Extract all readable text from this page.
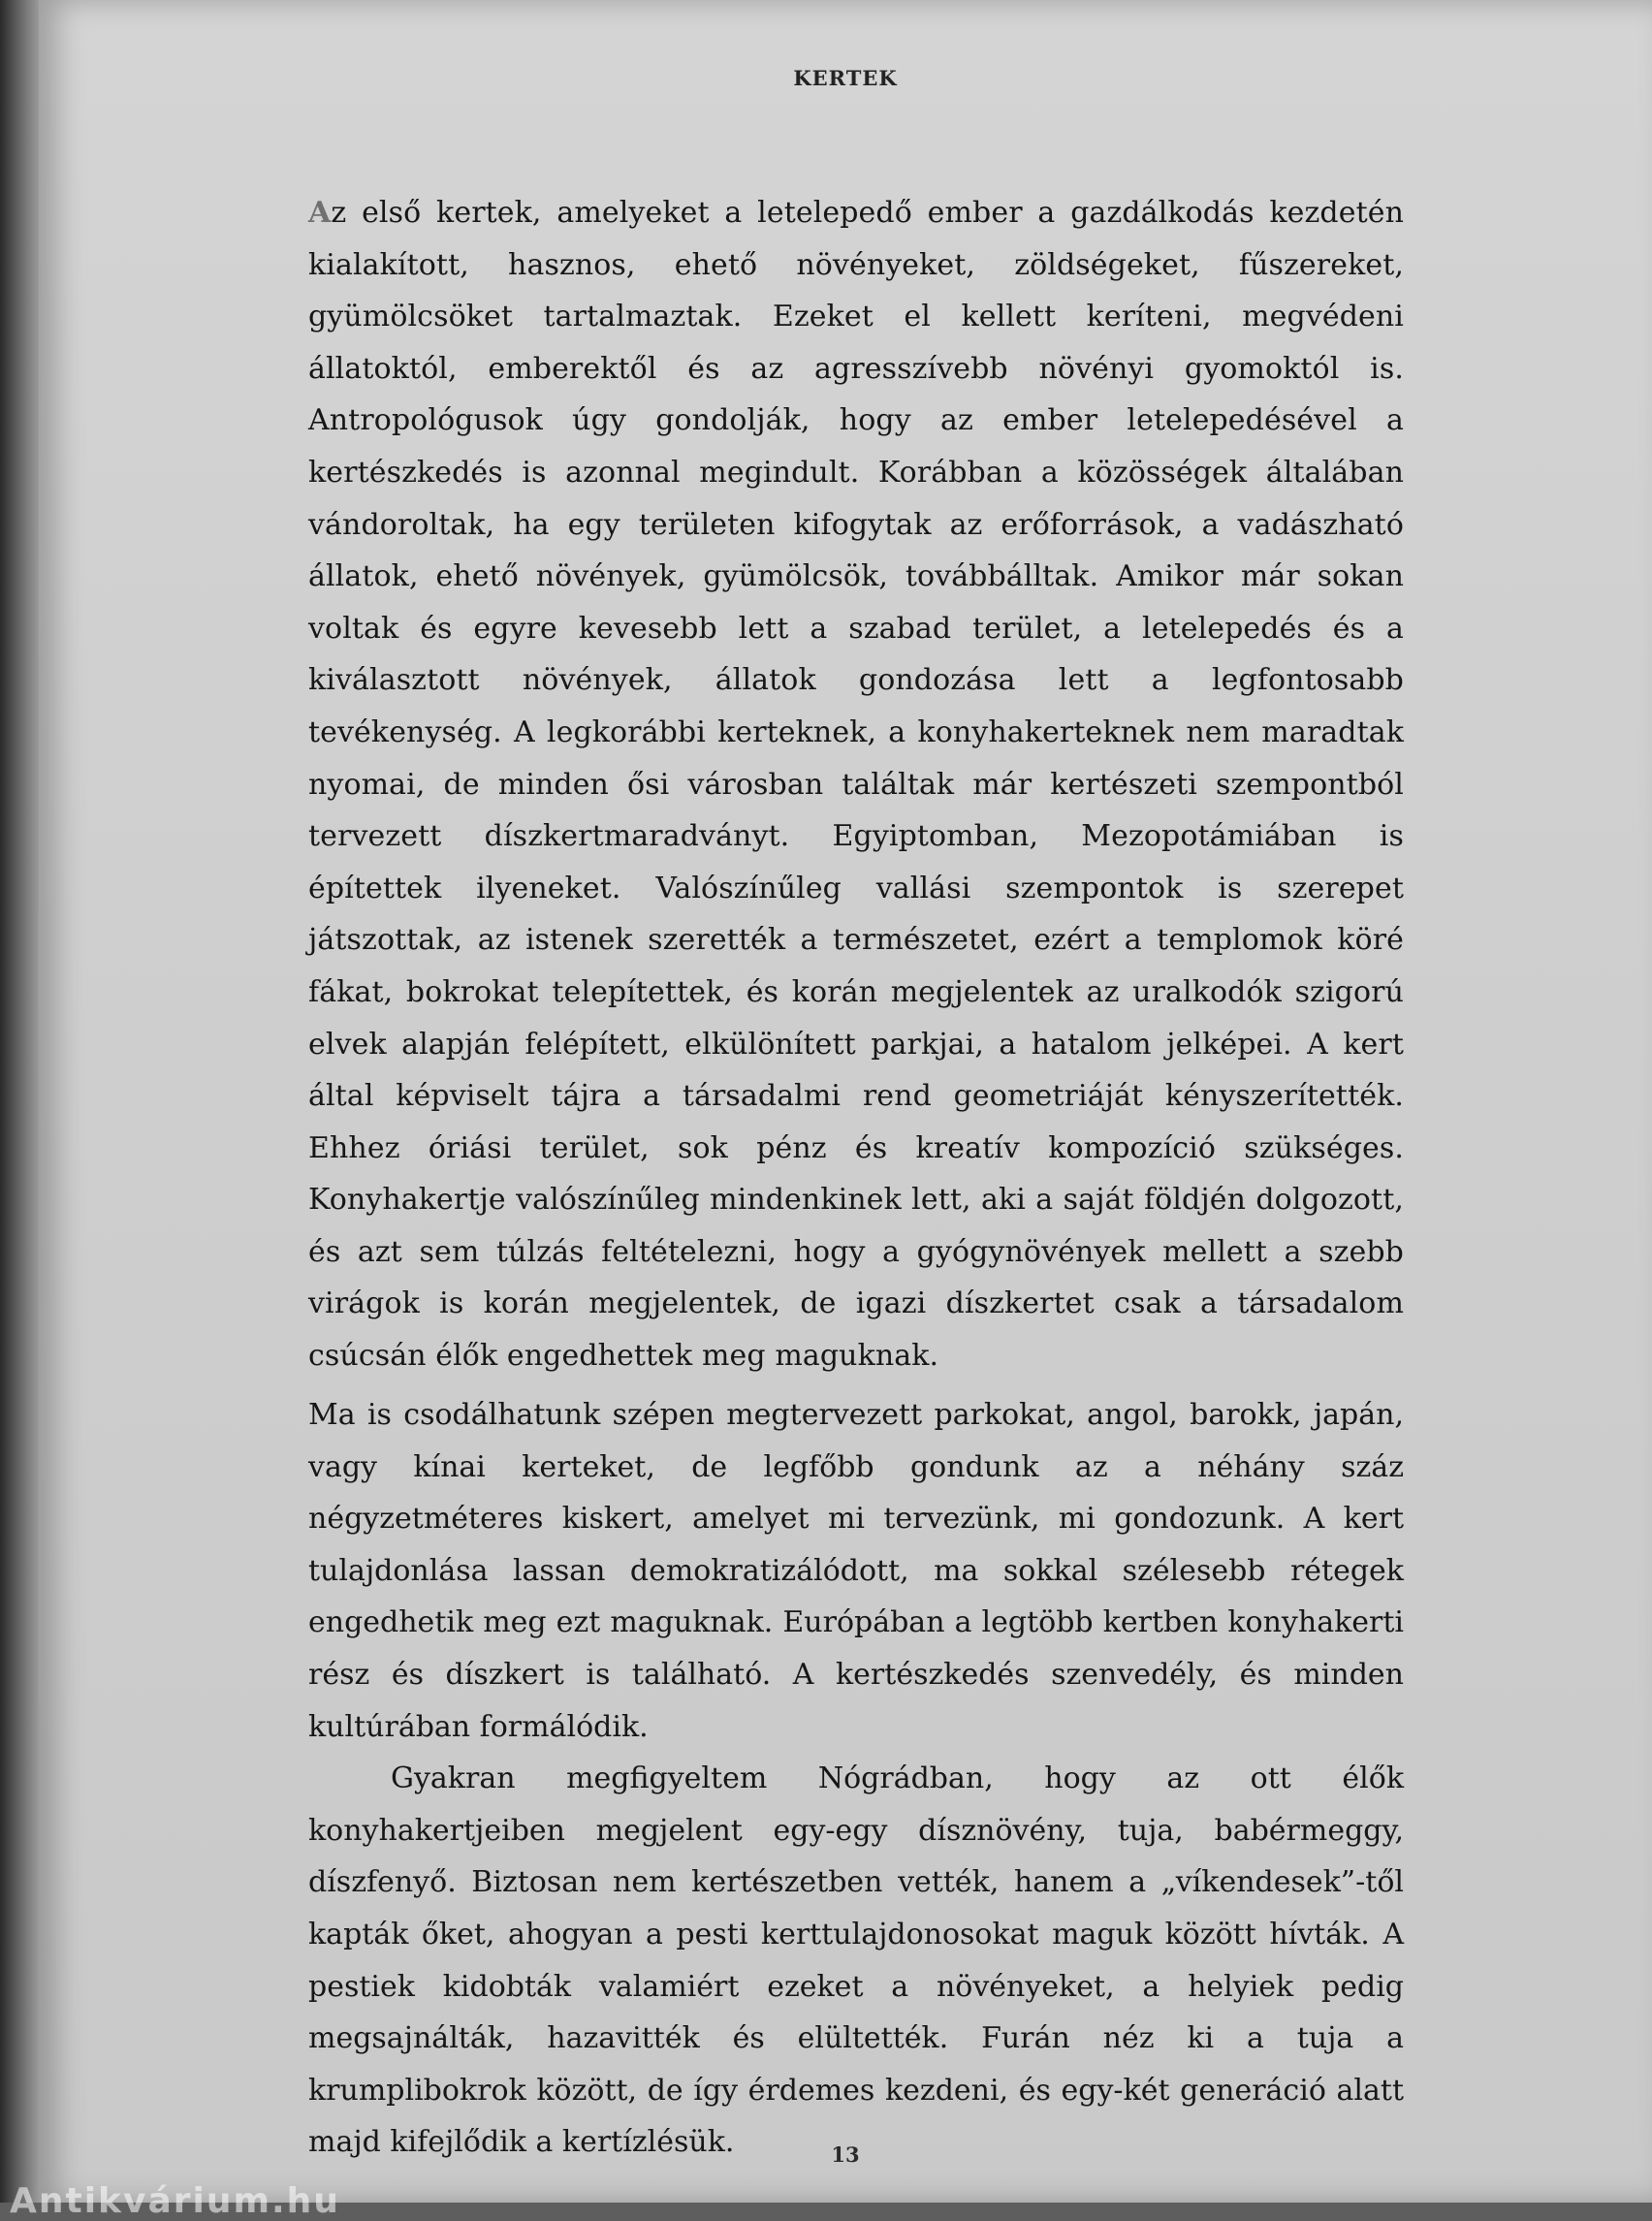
KERTEK

Az első kertek, amelyeket a letelepedő ember a gazdálkodás kezdetén kialakított, hasznos, ehető növényeket, zöldségeket, fűszereket, gyümölcsöket tartalmaztak. Ezeket el kellett keríteni, megvédeni állatoktól, emberektől és az agresszívebb növényi gyomoktól is. Antropológusok úgy gondolják, hogy az ember letelepedésével a kertészkedés is azonnal megindult. Korábban a közösségek általában vándoroltak, ha egy területen kifogytak az erőforrások, a vadászható állatok, ehető növények, gyümölcsök, továbbálltak. Amikor már sokan voltak és egyre kevesebb lett a szabad terület, a letelepedés és a kiválasztott növények, állatok gondozása lett a legfontosabb tevékenység. A legkorábbi kerteknek, a konyhakerteknek nem maradtak nyomai, de minden ősi városban találtak már kertészeti szempontból tervezett díszkertmaradványt. Egyiptomban, Mezopotámiában is építettek ilyeneket. Valószínűleg vallási szempontok is szerepet játszottak, az istenek szerették a természetet, ezért a templomok köré fákat, bokrokat telepítettek, és korán megjelentek az uralkodók szigorú elvek alapján felépített, elkülönített parkjai, a hatalom jelképei. A kert által képviselt tájra a társadalmi rend geometriáját kényszerítették. Ehhez óriási terület, sok pénz és kreatív kompozíció szükséges. Konyhakertje valószínűleg mindenkinek lett, aki a saját földjén dolgozott, és azt sem túlzás feltételezni, hogy a gyógynövények mellett a szebb virágok is korán megjelentek, de igazi díszkertet csak a társadalom csúcsán élők engedhettek meg maguknak.

Ma is csodálhatunk szépen megtervezett parkokat, angol, barokk, japán, vagy kínai kerteket, de legfőbb gondunk az a néhány száz négyzetméteres kiskert, amelyet mi tervezünk, mi gondozunk. A kert tulajdonlása lassan demokratizálódott, ma sokkal szélesebb rétegek engedhetik meg ezt maguknak. Európában a legtöbb kertben konyhakerti rész és díszkert is található. A kertészkedés szenvedély, és minden kultúrában formálódik.

Gyakran megfigyeltem Nógrádban, hogy az ott élők konyhakertjeiben megjelent egy-egy dísznövény, tuja, babérmeggy, díszfenyő. Biztosan nem kertészetben vették, hanem a „víkendesek”-től kapták őket, ahogyan a pesti kerttulajdonosokat maguk között hívták. A pestiek kidobták valamiért ezeket a növényeket, a helyiek pedig megsajnálták, hazavitték és elültették. Furán néz ki a tuja a krumplibokrok között, de így érdemes kezdeni, és egy-két generáció alatt majd kifejlődik a kertízlésük.	13
Antikvárium.hu
